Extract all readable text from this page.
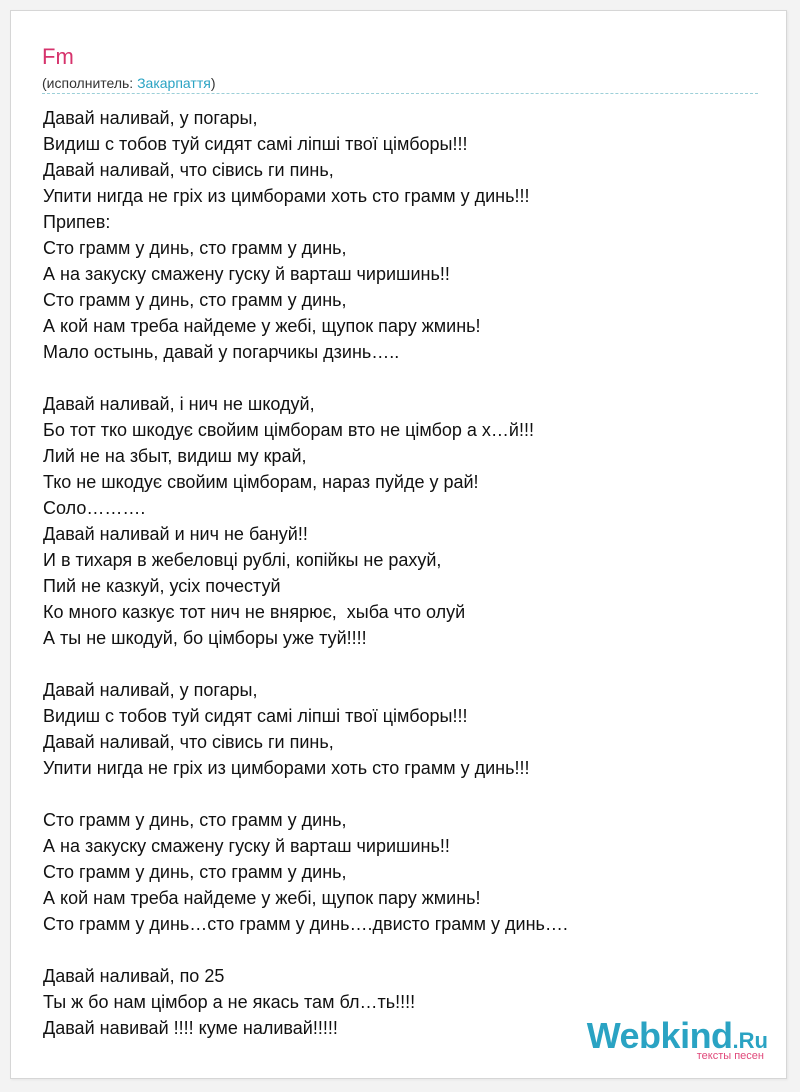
Fm
(исполнитель: Закарпаття)
Давай наливай, у погары,
Видиш с тобов туй сидят самі ліпші твої цімборы!!!
Давай наливай, что сівись ги пинь,
Упити нигда не гріх из цимборами хоть сто грамм у динь!!!
Припев:
Сто грамм у динь, сто грамм у динь,
А на закуску смажену гуску й варташ чиришинь!!
Сто грамм у динь, сто грамм у динь,
А кой нам треба найдеме у жебі, щупок пару жминь!
Мало остынь, давай у погарчикы дзинь…..
Давай наливай, і нич не шкодуй,
Бо тот тко шкодує свойим цімборам вто не цімбор а х…й!!!
Лий не на збыт, видиш му край,
Тко не шкодує свойим цімборам, нараз пуйде у рай!
Соло……….
Давай наливай и нич не бануй!!
И в тихаря в жебеловці рублі, копійкы не рахуй,
Пий не казкуй, усіх почестуй
Ко много казкує тот нич не внярює,  хыба что олуй
А ты не шкодуй, бо цімборы уже туй!!!!
Давай наливай, у погары,
Видиш с тобов туй сидят самі ліпші твої цімборы!!!
Давай наливай, что сівись ги пинь,
Упити нигда не гріх из цимборами хоть сто грамм у динь!!!
Сто грамм у динь, сто грамм у динь,
А на закуску смажену гуску й варташ чиришинь!!
Сто грамм у динь, сто грамм у динь,
А кой нам треба найдеме у жебі, щупок пару жминь!
Сто грамм у динь…сто грамм у динь….двисто грамм у динь….
Давай наливай, по 25
Ты ж бо нам цімбор а не якась там бл…ть!!!!
Давай навивай !!!! куме наливай!!!!!	Webkind.Ru
тексты песен
